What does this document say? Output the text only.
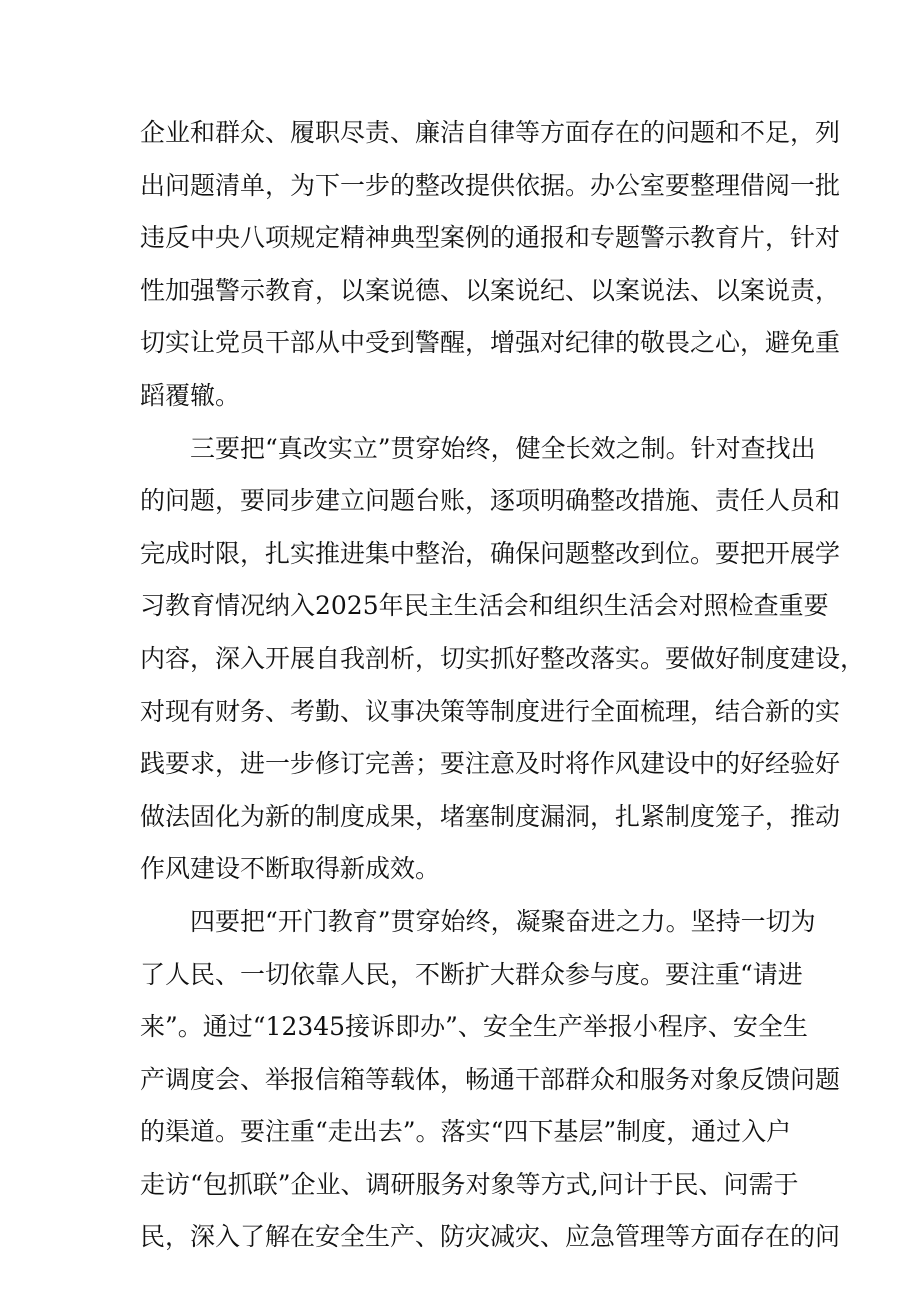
企业和群众、履职尽责、廉洁自律等方面存在的问题和不足，列
出问题清单，为下一步的整改提供依据。办公室要整理借阅一批
违反中央八项规定精神典型案例的通报和专题警示教育片，针对
性加强警示教育，以案说德、以案说纪、以案说法、以案说责，
切实让党员干部从中受到警醒，增强对纪律的敬畏之心，避免重
蹈覆辙。
三要把“真改实立”贯穿始终，健全长效之制。针对查找出
的问题，要同步建立问题台账，逐项明确整改措施、责任人员和
完成时限，扎实推进集中整治，确保问题整改到位。要把开展学
习教育情况纳入2025年民主生活会和组织生活会对照检查重要
内容，深入开展自我剖析，切实抓好整改落实。要做好制度建设，
对现有财务、考勤、议事决策等制度进行全面梳理，结合新的实
践要求，进一步修订完善；要注意及时将作风建设中的好经验好
做法固化为新的制度成果，堵塞制度漏洞，扎紧制度笼子，推动
作风建设不断取得新成效。
四要把“开门教育”贯穿始终，凝聚奋进之力。坚持一切为
了人民、一切依靠人民，不断扩大群众参与度。要注重“请进
来”。通过“12345接诉即办”、安全生产举报小程序、安全生
产调度会、举报信箱等载体，畅通干部群众和服务对象反馈问题
的渠道。要注重“走出去”。落实“四下基层”制度，通过入户
走访“包抓联”企业、调研服务对象等方式,问计于民、问需于
民，深入了解在安全生产、防灾减灾、应急管理等方面存在的问
